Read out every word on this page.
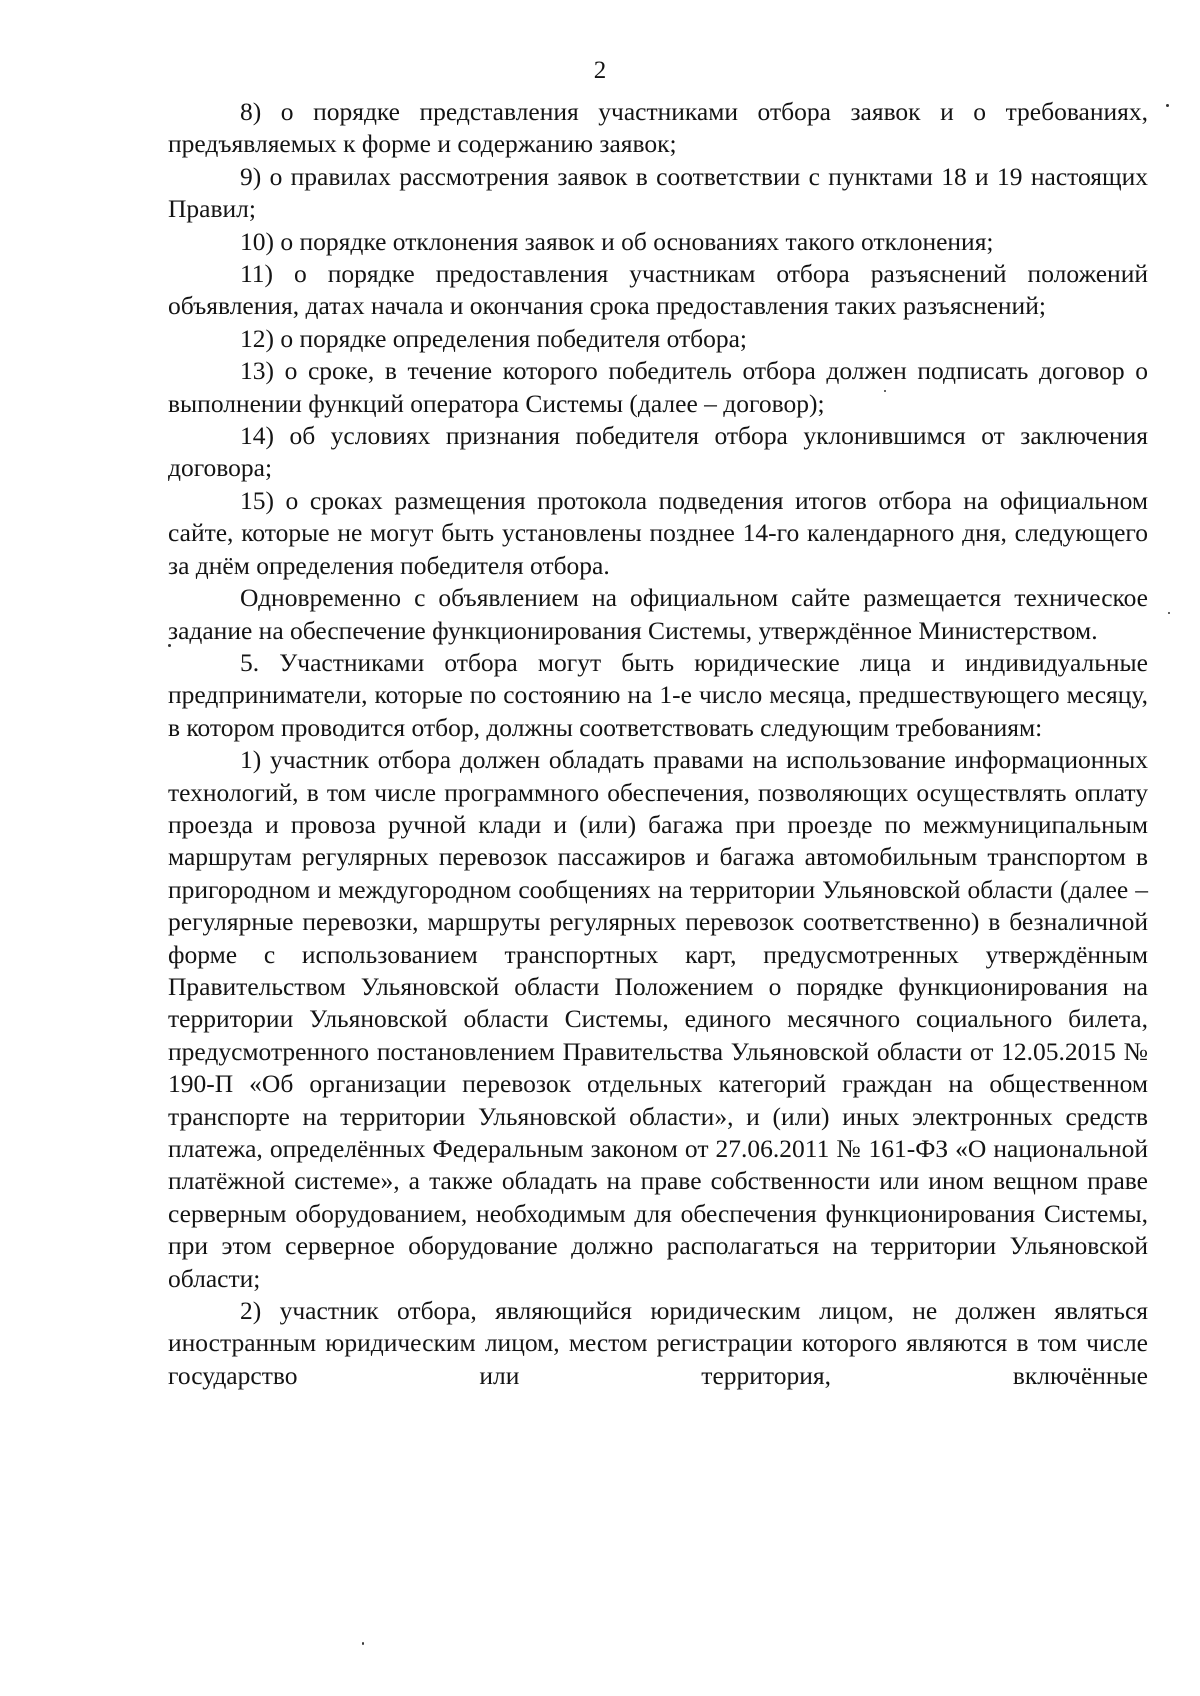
2

8) о порядке представления участниками отбора заявок и о требованиях, предъявляемых к форме и содержанию заявок;

9) о правилах рассмотрения заявок в соответствии с пунктами 18 и 19 настоящих Правил;

10) о порядке отклонения заявок и об основаниях такого отклонения;

11) о порядке предоставления участникам отбора разъяснений положений объявления, датах начала и окончания срока предоставления таких разъяснений;

12) о порядке определения победителя отбора;

13) о сроке, в течение которого победитель отбора должен подписать договор о выполнении функций оператора Системы (далее – договор);

14) об условиях признания победителя отбора уклонившимся от заключения договора;

15) о сроках размещения протокола подведения итогов отбора на официальном сайте, которые не могут быть установлены позднее 14-го календарного дня, следующего за днём определения победителя отбора.

Одновременно с объявлением на официальном сайте размещается техническое задание на обеспечение функционирования Системы, утверждённое Министерством.

5. Участниками отбора могут быть юридические лица и индивидуальные предприниматели, которые по состоянию на 1-е число месяца, предшествующего месяцу, в котором проводится отбор, должны соответствовать следующим требованиям:

1) участник отбора должен обладать правами на использование информационных технологий, в том числе программного обеспечения, позволяющих осуществлять оплату проезда и провоза ручной клади и (или) багажа при проезде по межмуниципальным маршрутам регулярных перевозок пассажиров и багажа автомобильным транспортом в пригородном и междугородном сообщениях на территории Ульяновской области (далее – регулярные перевозки, маршруты регулярных перевозок соответственно) в безналичной форме с использованием транспортных карт, предусмотренных утверждённым Правительством Ульяновской области Положением о порядке функционирования на территории Ульяновской области Системы, единого месячного социального билета, предусмотренного постановлением Правительства Ульяновской области от 12.05.2015 № 190-П «Об организации перевозок отдельных категорий граждан на общественном транспорте на территории Ульяновской области», и (или) иных электронных средств платежа, определённых Федеральным законом от 27.06.2011 № 161-ФЗ «О национальной платёжной системе», а также обладать на праве собственности или ином вещном праве серверным оборудованием, необходимым для обеспечения функционирования Системы, при этом серверное оборудование должно располагаться на территории Ульяновской области;

2) участник отбора, являющийся юридическим лицом, не должен являться иностранным юридическим лицом, местом регистрации которого являются в том числе государство или территория, включённые
